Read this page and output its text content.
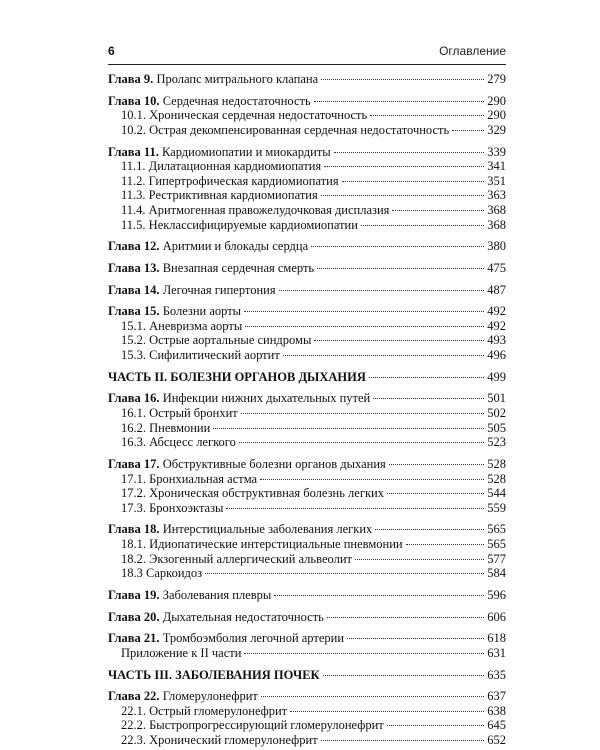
6	Оглавление
Глава 9. Пролапс митрального клапана	279
Глава 10. Сердечная недостаточность	290
10.1. Хроническая сердечная недостаточность	290
10.2. Острая декомпенсированная сердечная недостаточность	329
Глава 11. Кардиомиопатии и миокардиты	339
11.1. Дилатационная кардиомиопатия	341
11.2. Гипертрофическая кардиомиопатия	351
11.3. Рестриктивная кардиомиопатия	363
11.4. Аритмогенная правожелудочковая дисплазия	368
11.5. Неклассифицируемые кардиомиопатии	368
Глава 12. Аритмии и блокады сердца	380
Глава 13. Внезапная сердечная смерть	475
Глава 14. Легочная гипертония	487
Глава 15. Болезни аорты	492
15.1. Аневризма аорты	492
15.2. Острые аортальные синдромы	493
15.3. Сифилитический аортит	496
ЧАСТЬ II. БОЛЕЗНИ ОРГАНОВ ДЫХАНИЯ	499
Глава 16. Инфекции нижних дыхательных путей	501
16.1. Острый бронхит	502
16.2. Пневмонии	505
16.3. Абсцесс легкого	523
Глава 17. Обструктивные болезни органов дыхания	528
17.1. Бронхиальная астма	528
17.2. Хроническая обструктивная болезнь легких	544
17.3. Бронхоэктазы	559
Глава 18. Интерстициальные заболевания легких	565
18.1. Идиопатические интерстициальные пневмонии	565
18.2. Экзогенный аллергический альвеолит	577
18.3 Саркоидоз	584
Глава 19. Заболевания плевры	596
Глава 20. Дыхательная недостаточность	606
Глава 21. Тромбоэмболия легочной артерии	618
Приложение к II части	631
ЧАСТЬ III. ЗАБОЛЕВАНИЯ ПОЧЕК	635
Глава 22. Гломерулонефрит	637
22.1. Острый гломерулонефрит	638
22.2. Быстропрогрессирующий гломерулонефрит	645
22.3. Хронический гломерулонефрит	652
